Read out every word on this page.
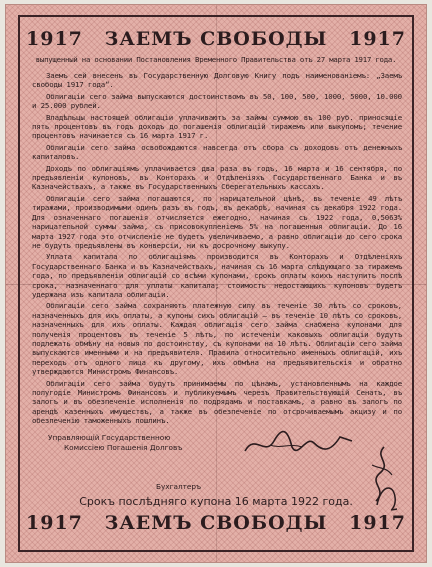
1917 ЗАЕМЪ СВОБОДЫ 1917
выпущенный на основании Постановления Временного Правительства отъ 27 марта 1917 года.

Заемъ сей внесенъ въ Государственную Долговую Книгу подъ наименованіемъ: „Заемъ свободы 1917 года“.

Облигаціи сего займа выпускаются достоинствомъ въ 50, 100, 500, 1000, 5000, 10.000 и 25.000 рублей.

Владѣльцы настоящей облигаціи уплачиваютъ за займы суммою въ 100 руб. приносящіе пять процентовъ въ годъ доходъ до погашенія облигацій тиражемъ или выкупомъ; течение процентовъ начинается съ 16 марта 1917 г.

Облигаціи сего займа освобождаются навсегда отъ сбора съ доходовъ отъ денежныхъ капиталовъ.

Доходъ по облигаціямъ уплачивается два раза въ годъ, 16 марта и 16 сентября, по предъявленіи купоновъ, въ Конторахъ и Отдѣленіяхъ Государственнаго Банка и въ Казначействахъ, а также въ Государственныхъ Сберегательныхъ кассахъ.

Облигаціи сего займа погашаются, по нарицательной цѣнѣ, въ теченіе 49 лѣтъ тиражами, производимыми одинъ разъ въ годъ, въ декабрѣ, начиная съ декабря 1922 года. Для означеннаго погашенія отчисляется ежегодно, начиная съ 1922 года, 0,5063% нарицательной суммы займа, съ присовокупленіемъ 5% на погашенныя облигаціи. До 16 марта 1927 года это отчисленіе не будетъ увеличиваемо, а равно облигаціи до сего срока не будутъ предъявлены въ конверсіи, ни къ досрочному выкупу.

Уплата капитала по облигаціямъ производится въ Конторахъ и Отдѣленіяхъ Государственнаго Банка и въ Казначействахъ, начиная съ 16 марта слѣдующаго за тиражемъ года, по предъявленіи облигацій со всѣми купонами, срокъ оплаты коихъ наступитъ послѣ срока, назначеннаго для уплаты капитала; стоимость недостающихъ купоновъ будетъ удержана изъ капитала облигаціи.

Облигаціи сего займа сохраняютъ платежную силу въ теченіе 30 лѣтъ со сроковъ, назначенныхъ для ихъ оплаты, а купоны сихъ облигацій — въ теченіе 10 лѣтъ со сроковъ, назначенныхъ для ихъ оплаты. Каждая облигація сего займа снабжена купонами для полученія процентовъ въ теченіе 5 лѣтъ, по истеченіи каковыхъ облигаціи будутъ подлежать обмѣну на новыя по достоинству, съ купонами на 10 лѣтъ. Облигаціи сего займа выпускаются именными и на предъявителя. Правила относительно именныхъ облигацій, ихъ переходъ отъ одного лица къ другому, ихъ обмѣна на предъявительскія и обратно утверждаются Министромъ Финансовъ.

Облигаціи сего займа будутъ принимаемы по цѣнамъ, установленнымъ на каждое полугодіе Министромъ Финансовъ и публикуемымъ черезъ Правительствующій Сенатъ, въ залогъ и въ обезпеченіе исполненія по подрядамъ и поставкамъ, а равно въ залогъ по арендѣ казенныхъ имуществъ, а также въ обезпеченіе по отсрочиваемымъ акцизу и по обезпеченію таможенныхъ пошлинъ.

Управляющій Государственною
Комиссіею Погашенія Долговъ
Бухгалтеръ
Срокъ послѣдняго купона 16 марта 1922 года.
1917 ЗАЕМЪ СВОБОДЫ 1917
